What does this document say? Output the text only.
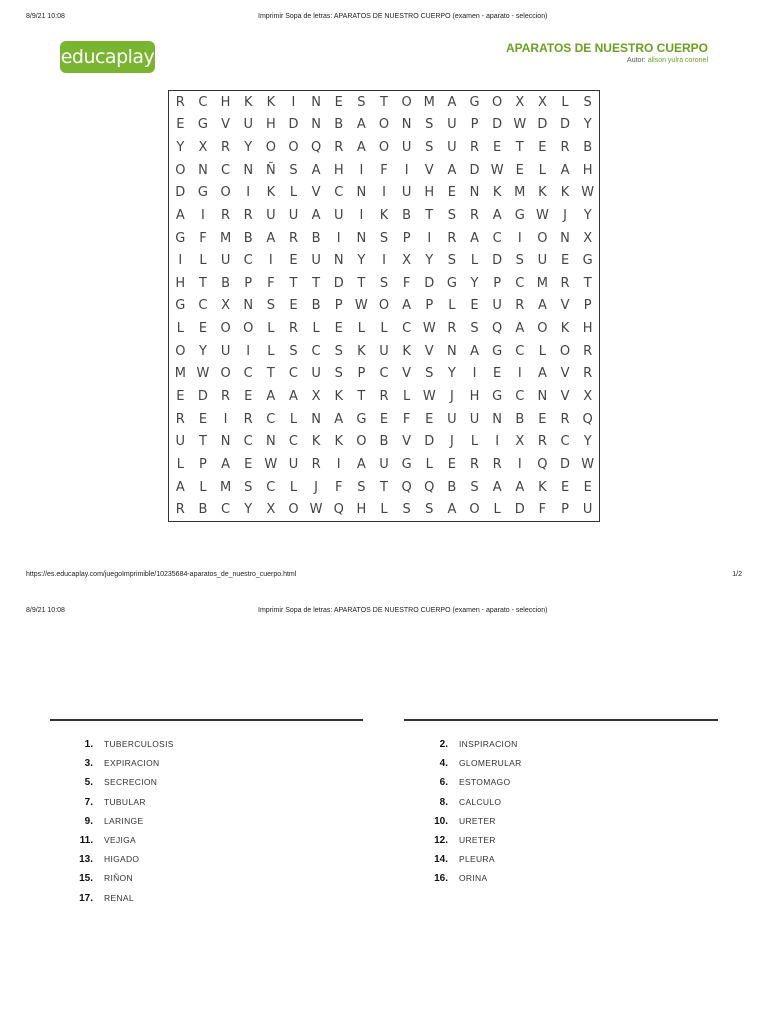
8/9/21 10:08	Imprimir Sopa de letras: APARATOS DE NUESTRO CUERPO (examen - aparato - seleccion)
educaplay	APARATOS DE NUESTRO CUERPO
Autor: alison yulra coronel
R	C	H	K	K	I	N	E	S	T	O M A	G O	X	X	L	S
E	G	V	U H D N	B	A	O N	S	U	P	D W D D	Y
Y	X	R	Y	O O Q	R	A	O U	S	U	R	E	T	E	R	B
O N	C	N Ñ	S	A	H	I	F	I	V	A	D W E	L	A	H
D G O	I	K	L	V	C	N	I	U H	E	N	K M K	K W
A	I	R	R	U	U	A	U	I	K	B	T	S	R	A	G W	J	Y
G	F	M B	A	R	B	I	N	S	P	I	R	A	C	I	O N	X
I	L	U	C	I	E	U	N	Y	I	X	Y	S	L	D	S	U	E	G
H	T	B	P	F	T	T	D	T	S	F	D G	Y	P	C M R	T
G	C	X	N	S	E	B	P W O	A	P	L	E	U	R	A	V	P
L	E	O O	L	R	L	E	L	L	C W R	S	Q	A	O	K	H
O	Y	U	I	L	S	C	S	K	U	K	V	N	A	G	C	L	O R
M W O C	T	C	U	S	P	C	V	S	Y	I	E	I	A	V	R
E	D	R	E	A	A	X	K	T	R	L W	J	H G	C	N	V	X
R	E	I	R	C	L	N	A	G	E	F	E	U	U	N	B	E	R Q
U	T	N	C	N	C	K	K	O	B	V	D	J	L	I	X	R	C	Y
L	P	A	E W U	R	I	A	U G	L	E	R	R	I	Q D W
A	L	M S	C	L	J	F	S	T	Q Q	B	S	A	A	K	E	E
R	B	C	Y	X	O W Q H	L	S	S	A	O	L	D	F	P	U
https://es.educaplay.com/juegoImprimible/10235684-aparatos_de_nuestro_cuerpo.html	1/2
8/9/21 10:08	Imprimir Sopa de letras: APARATOS DE NUESTRO CUERPO (examen - aparato - seleccion)
1. TUBERCULOSIS	2. INSPIRACION
3. EXPIRACION	4. GLOMERULAR
5. SECRECION	6. ESTOMAGO
7. TUBULAR	8. CALCULO
9. LARINGE	10. URETER
11. VEJIGA	12. URETER
13. HIGADO	14. PLEURA
15. RIÑON	16. ORINA
17. RENAL
